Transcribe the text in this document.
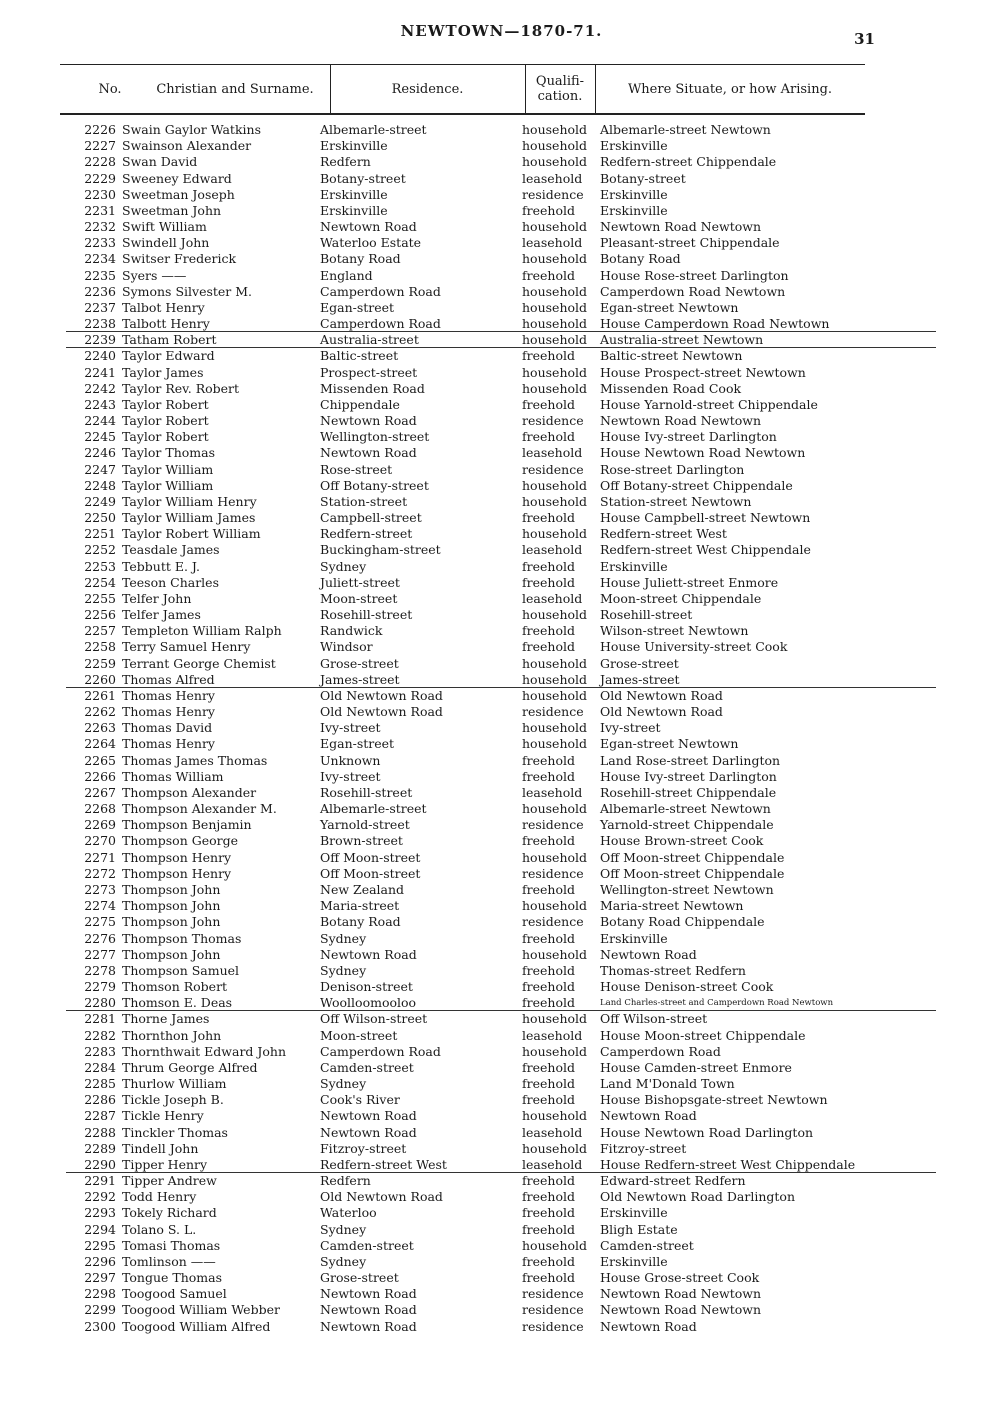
NEWTOWN—1870-71.	31
No.	Christian and Surname.	Residence.	Qualifi- cation.	Where Situate, or how Arising.
2226 Swain Gaylor Watkins	Albemarle-street	household Albemarle-street Newtown
2227 Swainson Alexander	Erskinville	household Erskinville
2228 Swan David	Redfern	household Redfern-street Chippendale
2229 Sweeney Edward	Botany-street	leasehold Botany-street
2230 Sweetman Joseph	Erskinville	residence Erskinville
2231 Sweetman John	Erskinville	freehold Erskinville
2232 Swift William	Newtown Road	household Newtown Road Newtown
2233 Swindell John	Waterloo Estate	leasehold Pleasant-street Chippendale
2234 Switser Frederick	Botany Road	household Botany Road
2235 Syers ——	England	freehold House Rose-street Darlington
2236 Symons Silvester M.	Camperdown Road	household Camperdown Road Newtown
2237 Talbot Henry	Egan-street	household Egan-street Newtown
2238 Talbott Henry	Camperdown Road	household House Camperdown Road Newtown
2239 Tatham Robert	Australia-street	household Australia-street Newtown
2240 Taylor Edward	Baltic-street	freehold Baltic-street Newtown
2241 Taylor James	Prospect-street	household House Prospect-street Newtown
2242 Taylor Rev. Robert	Missenden Road	household Missenden Road Cook
2243 Taylor Robert	Chippendale	freehold House Yarnold-street Chippendale
2244 Taylor Robert	Newtown Road	residence Newtown Road Newtown
2245 Taylor Robert	Wellington-street	freehold House Ivy-street Darlington
2246 Taylor Thomas	Newtown Road	leasehold House Newtown Road Newtown
2247 Taylor William	Rose-street	residence Rose-street Darlington
2248 Taylor William	Off Botany-street	household Off Botany-street Chippendale
2249 Taylor William Henry	Station-street	household Station-street Newtown
2250 Taylor William James	Campbell-street	freehold House Campbell-street Newtown
2251 Taylor Robert William	Redfern-street	household Redfern-street West
2252 Teasdale James	Buckingham-street	leasehold Redfern-street West Chippendale
2253 Tebbutt E. J.	Sydney	freehold Erskinville
2254 Teeson Charles	Juliett-street	freehold House Juliett-street Enmore
2255 Telfer John	Moon-street	leasehold Moon-street Chippendale
2256 Telfer James	Rosehill-street	household Rosehill-street
2257 Templeton William Ralph	Randwick	freehold Wilson-street Newtown
2258 Terry Samuel Henry	Windsor	freehold House University-street Cook
2259 Terrant George Chemist	Grose-street	household Grose-street
2260 Thomas Alfred	James-street	household James-street
2261 Thomas Henry	Old Newtown Road	household Old Newtown Road
2262 Thomas Henry	Old Newtown Road	residence Old Newtown Road
2263 Thomas David	Ivy-street	household Ivy-street
2264 Thomas Henry	Egan-street	household Egan-street Newtown
2265 Thomas James Thomas	Unknown	freehold Land Rose-street Darlington
2266 Thomas William	Ivy-street	freehold House Ivy-street Darlington
2267 Thompson Alexander	Rosehill-street	leasehold Rosehill-street Chippendale
2268 Thompson Alexander M.	Albemarle-street	household Albemarle-street Newtown
2269 Thompson Benjamin	Yarnold-street	residence Yarnold-street Chippendale
2270 Thompson George	Brown-street	freehold House Brown-street Cook
2271 Thompson Henry	Off Moon-street	household Off Moon-street Chippendale
2272 Thompson Henry	Off Moon-street	residence Off Moon-street Chippendale
2273 Thompson John	New Zealand	freehold Wellington-street Newtown
2274 Thompson John	Maria-street	household Maria-street Newtown
2275 Thompson John	Botany Road	residence Botany Road Chippendale
2276 Thompson Thomas	Sydney	freehold Erskinville
2277 Thompson John	Newtown Road	household Newtown Road
2278 Thompson Samuel	Sydney	freehold Thomas-street Redfern
2279 Thomson Robert	Denison-street	freehold House Denison-street Cook
2280 Thomson E. Deas	Woolloomooloo	freehold	Land Charles-street and Camperdown Road Newtown
2281 Thorne James	Off Wilson-street	household Off Wilson-street
2282 Thornthon John	Moon-street	leasehold House Moon-street Chippendale
2283 Thornthwait Edward John	Camperdown Road	household Camperdown Road
2284 Thrum George Alfred	Camden-street	freehold House Camden-street Enmore
2285 Thurlow William	Sydney	freehold Land M'Donald Town
2286 Tickle Joseph B.	Cook's River	freehold House Bishopsgate-street Newtown
2287 Tickle Henry	Newtown Road	household Newtown Road
2288 Tinckler Thomas	Newtown Road	leasehold House Newtown Road Darlington
2289 Tindell John	Fitzroy-street	household Fitzroy-street
2290 Tipper Henry	Redfern-street West	leasehold House Redfern-street West Chippendale
2291 Tipper Andrew	Redfern	freehold Edward-street Redfern
2292 Todd Henry	Old Newtown Road	freehold Old Newtown Road Darlington
2293 Tokely Richard	Waterloo	freehold Erskinville
2294 Tolano S. L.	Sydney	freehold Bligh Estate
2295 Tomasi Thomas	Camden-street	household Camden-street
2296 Tomlinson ——	Sydney	freehold Erskinville
2297 Tongue Thomas	Grose-street	freehold House Grose-street Cook
2298 Toogood Samuel	Newtown Road	residence Newtown Road Newtown
2299 Toogood William Webber	Newtown Road	residence Newtown Road Newtown
2300 Toogood William Alfred	Newtown Road	residence Newtown Road
